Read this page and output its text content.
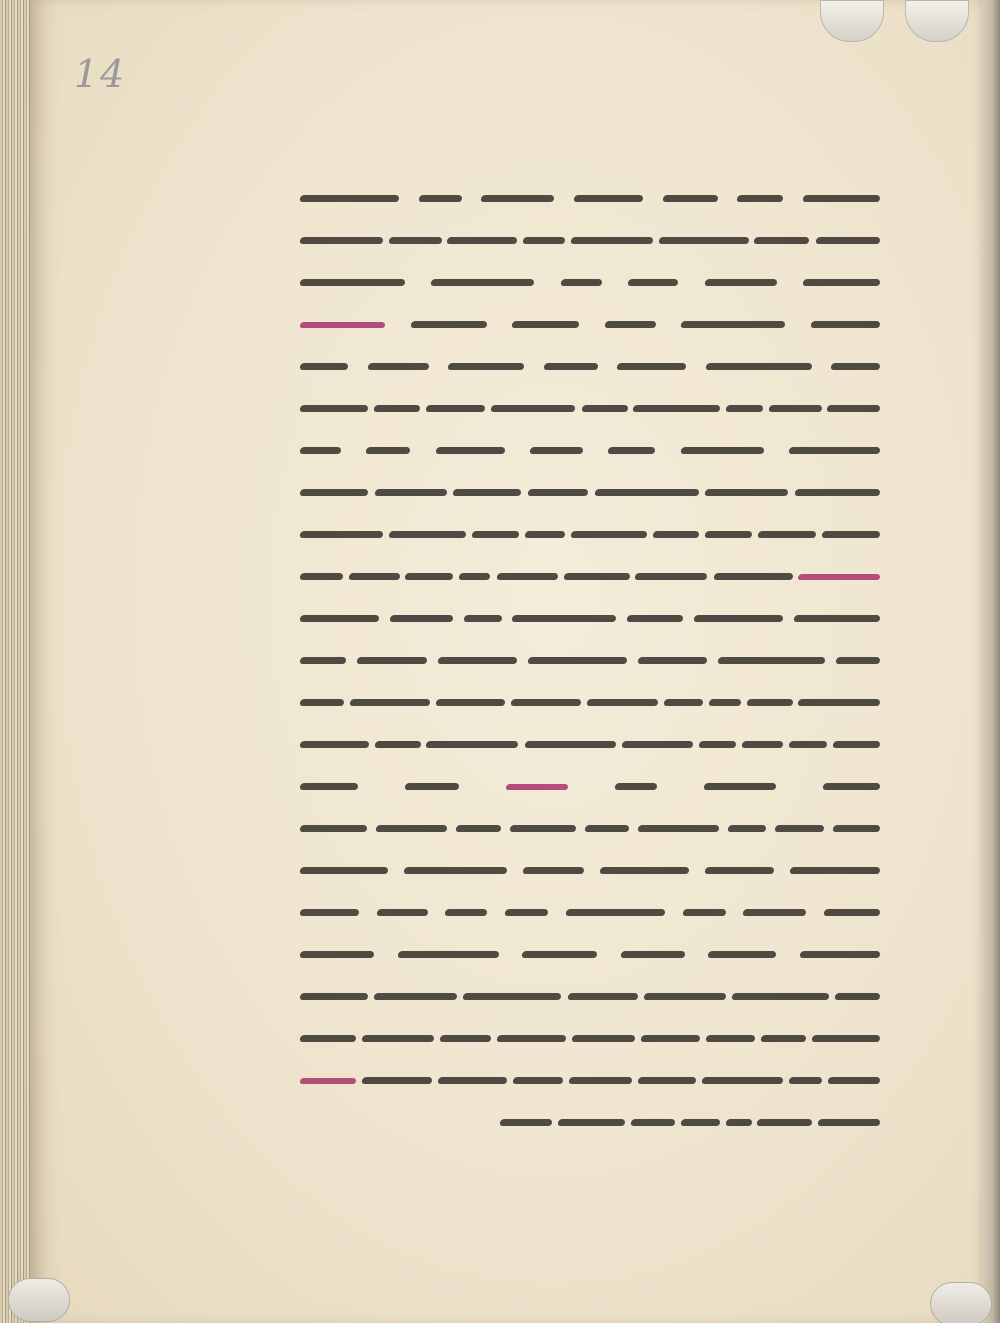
14
